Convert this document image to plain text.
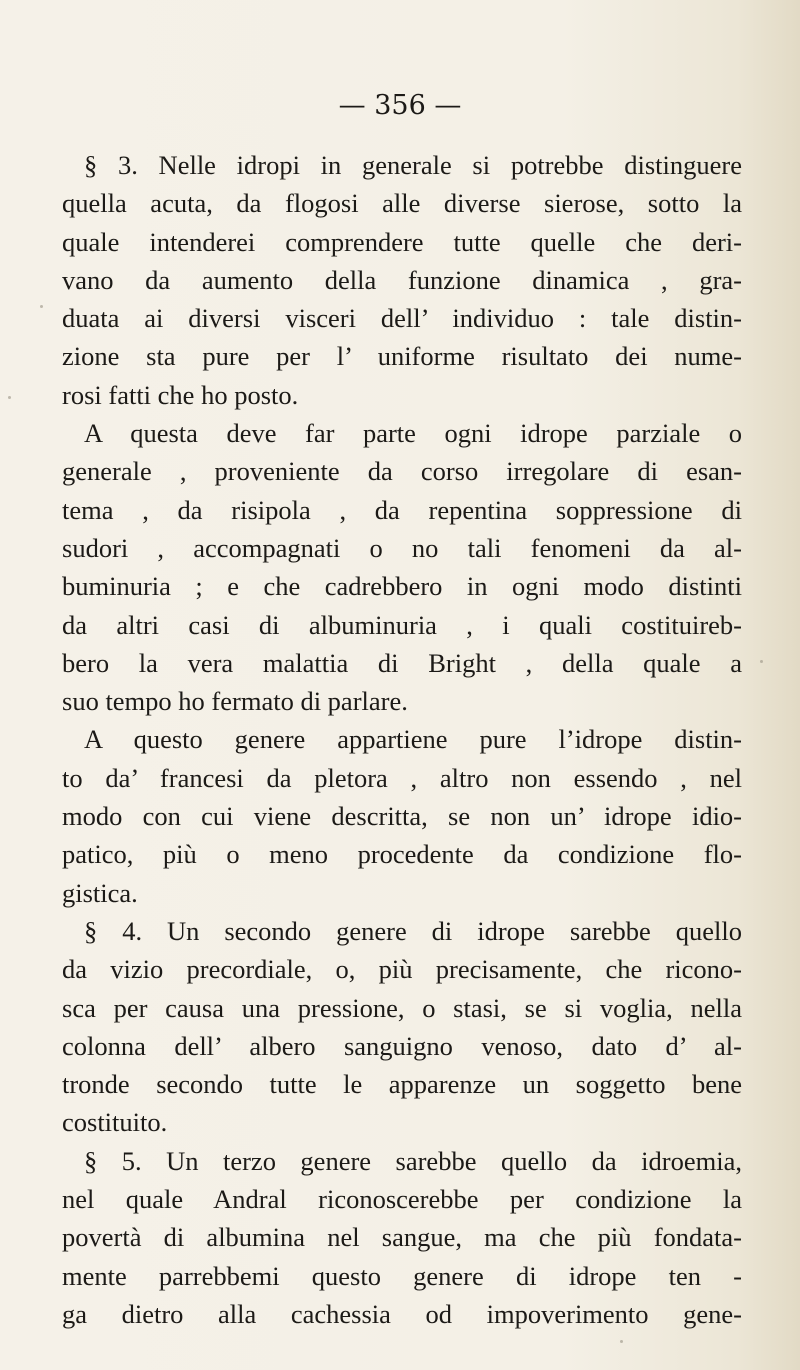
— 356 —
§ 3. Nelle idropi in generale si potrebbe distinguere
quella acuta, da flogosi alle diverse sierose, sotto la
quale intenderei comprendere tutte quelle che deri-
vano da aumento della funzione dinamica , gra-
duata ai diversi visceri dell’ individuo : tale distin-
zione sta pure per l’ uniforme risultato dei nume-
rosi fatti che ho posto.
A questa deve far parte ogni idrope parziale o
generale , proveniente da corso irregolare di esan-
tema , da risipola , da repentina soppressione di
sudori , accompagnati o no tali fenomeni da al-
buminuria ; e che cadrebbero in ogni modo distinti
da altri casi di albuminuria , i quali costituireb-
bero la vera malattia di Bright , della quale a
suo tempo ho fermato di parlare.
A questo genere appartiene pure l’idrope distin-
to da’ francesi da pletora , altro non essendo , nel
modo con cui viene descritta, se non un’ idrope idio-
patico, più o meno procedente da condizione flo-
gistica.
§ 4. Un secondo genere di idrope sarebbe quello
da vizio precordiale, o, più precisamente, che ricono-
sca per causa una pressione, o stasi, se si voglia, nella
colonna dell’ albero sanguigno venoso, dato d’ al-
tronde secondo tutte le apparenze un soggetto bene
costituito.
§ 5. Un terzo genere sarebbe quello da idroemia,
nel quale Andral riconoscerebbe per condizione la
povertà di albumina nel sangue, ma che più fondata-
mente parrebbemi questo genere di idrope ten -
ga dietro alla cachessia od impoverimento gene-
